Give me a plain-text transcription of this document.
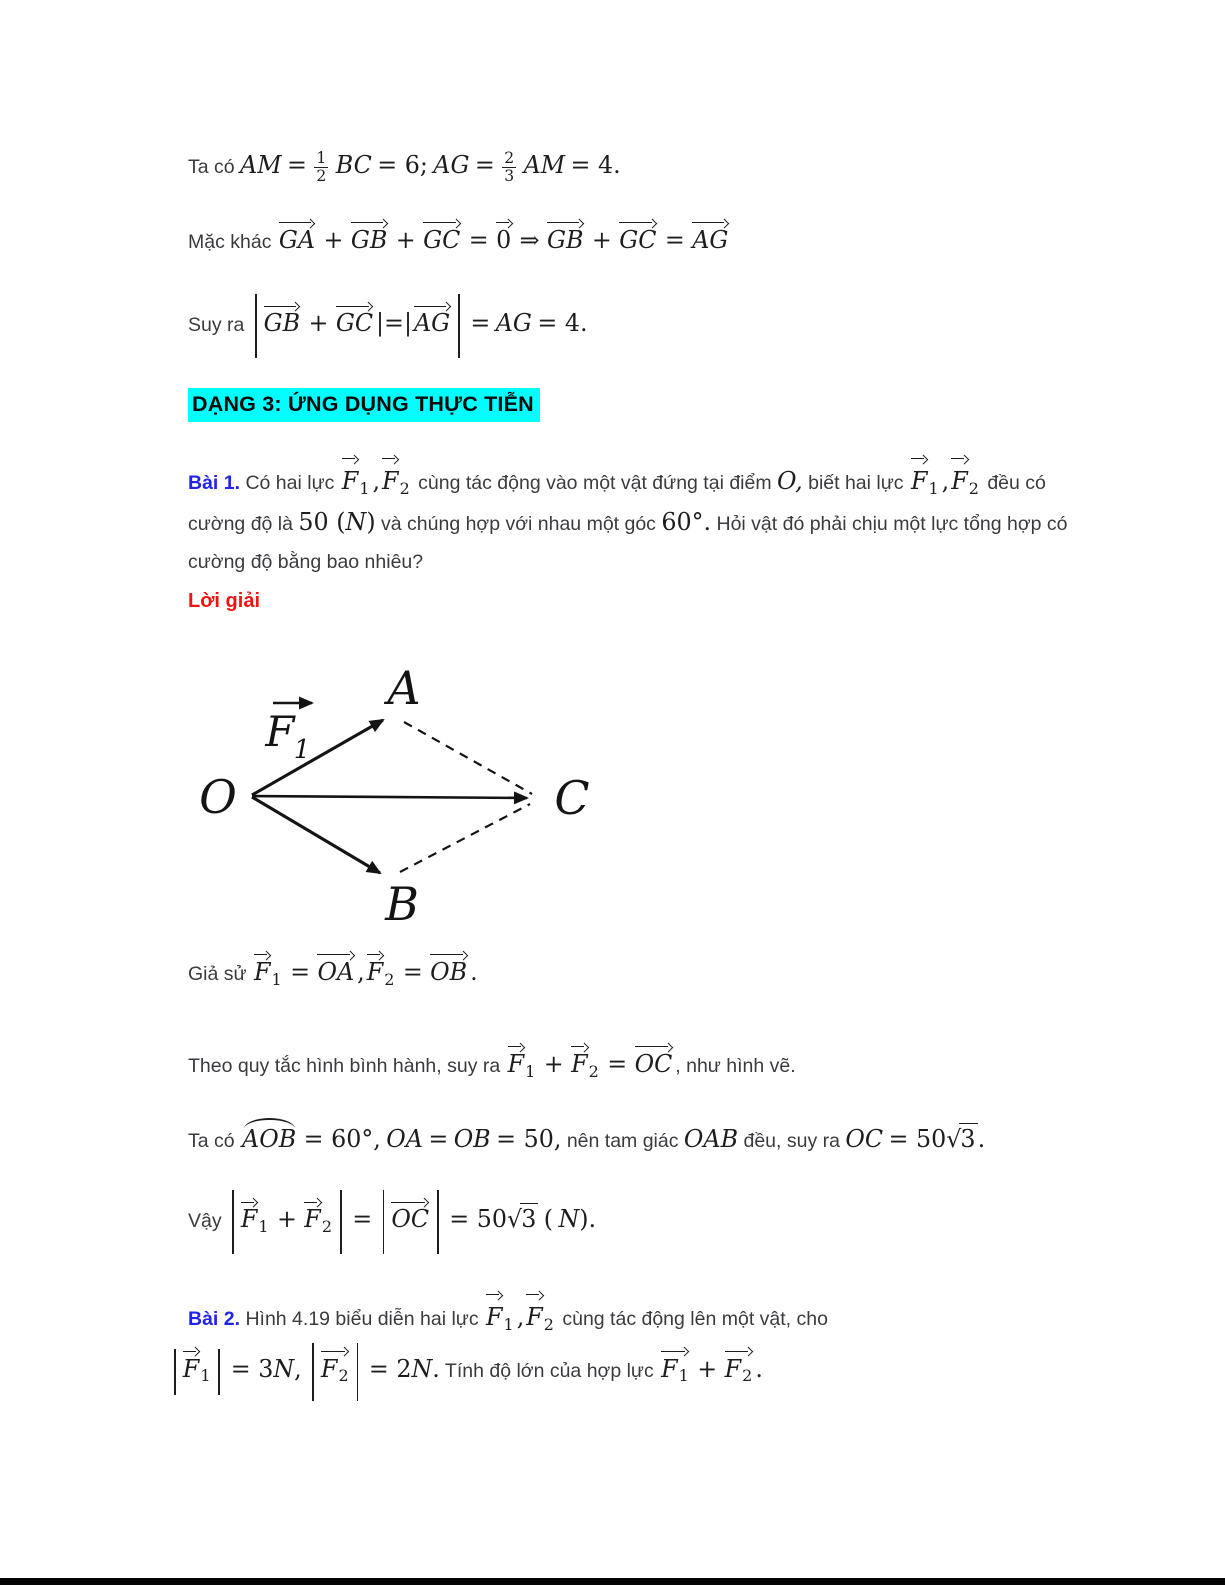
Ta có AM = $\frac{1}{2}$ BC = 6; AG = $\frac{2}{3}$ AM = 4.
Mặc khác GA + GB + GC = 0 ⇒ GB + GC = AG
Suy ra GB + GC |=|
AG = AG = 4.
DẠNG 3: ỨNG DỤNG THỰC TIỄN
Bài 1. Có hai lực $F_1$ ,
$F_2$ cùng tác động vào một vật đứng tại điểm O, biết hai lực $F_1$ ,
$F_2$ đều có cường độ là 50 (N) và chúng hợp với nhau một góc 60°. Hỏi vật đó phải chịu một lực tổng hợp có cường độ bằng bao nhiêu?
Lời giải
O
A
B
C
F 1
Giả sử $F_1$ = OA ,
$F_2$ = OB .
Theo quy tắc hình bình hành, suy ra $F_1 + F_2$ = OC , như hình vẽ.
Ta có AOB = 60°, OA = OB = 50, nên tam giác OAB đều, suy ra OC = 50√3.
Vậy $F_1 + F_2$ = OC = 50√3 ( N).
Bài 2. Hình 4.19 biểu diễn hai lực $F_1$ ,
$F_2$ cùng tác động lên một vật, cho
$F_1 = 3N$, $F_2 = 2N$. Tính độ lớn của hợp lực $F_1 + F_2$ .
